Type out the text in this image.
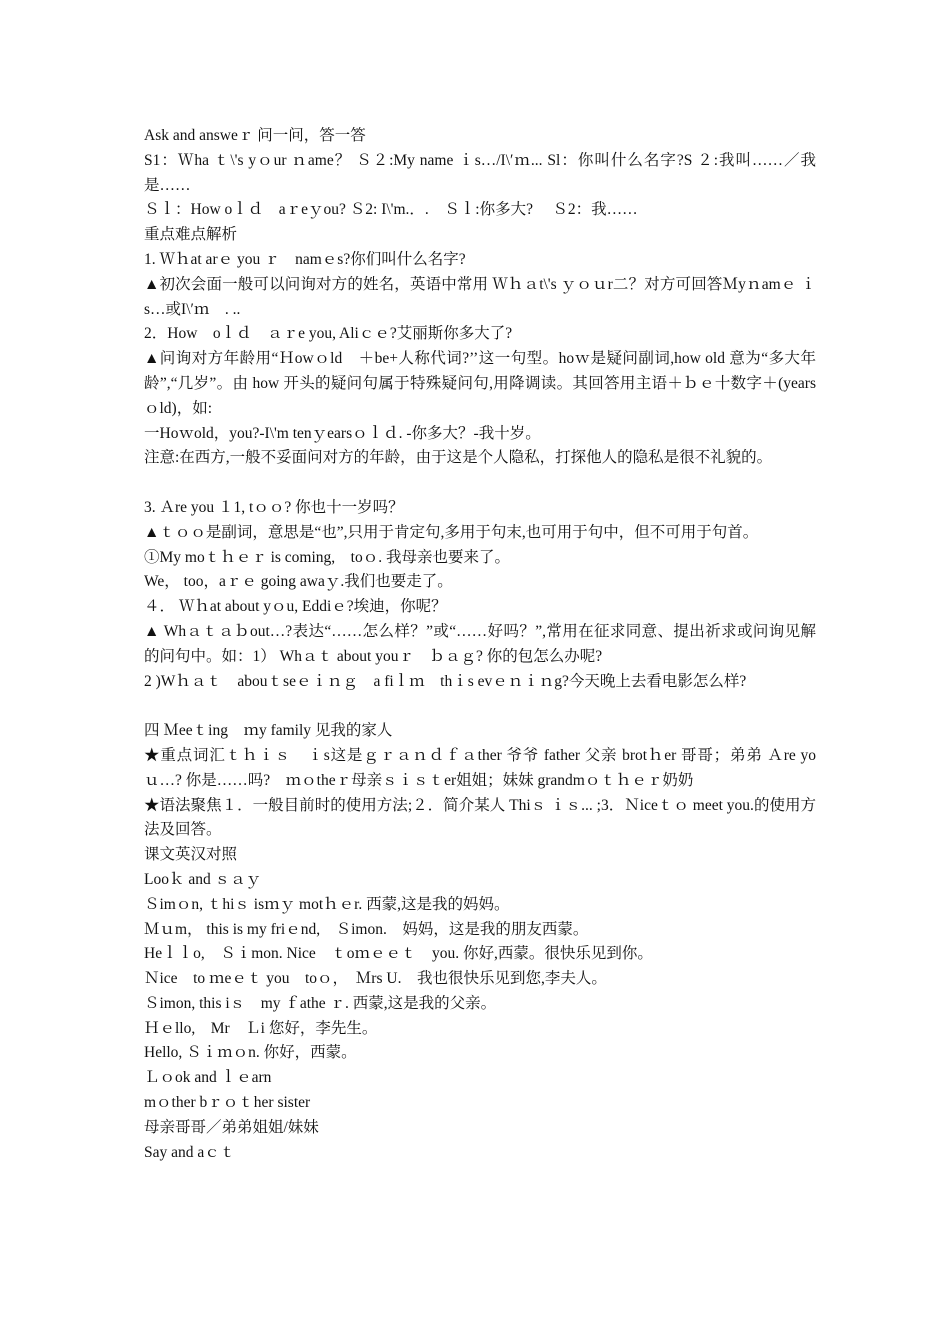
Ask and answeｒ 问一问，答一答

S1：Ｗha ｔ\'s yｏur ｎame？ Ｓ２:My name ｉs…/I\′ｍ... Sl：你叫什么名字?S ２:我叫……／我是……

Ｓｌ：How oｌｄ　aｒeｙou? Ｓ2: I\'m.．.　Ｓｌ:你多大?　 Ｓ2：我……

重点难点解析

1. Ｗｈat arｅ you ｒ　namｅs?你们叫什么名字?

▲初次会面一般可以问询对方的姓名，英语中常用 Ｗｈａt\'s ｙｏｕr二？对方可回答Ｍyｎamｅ ｉs…或I\′ｍ　. ..

2．How　oｌｄ　ａｒe you, Aliｃｅ?艾丽斯你多大了?

▲问询对方年龄用“Ｈowｏld　＋be+人称代词?’’这一句型。hoｗ是疑问副词,how old 意为“多大年龄”,“几岁”。由 how 开头的疑问句属于特殊疑问句,用降调读。其回答用主语＋ｂｅ十数字＋(years ｏld)，如:

一Hoｗold，you?-I\'m tenｙearsｏｌｄ. -你多大？-我十岁。

注意:在西方,一般不妥面问对方的年龄，由于这是个人隐私，打探他人的隐私是很不礼貌的。

3. Ａre you １1, tｏｏ? 你也十一岁吗？

▲ｔｏｏ是副词，意思是“也”,只用于肯定句,多用于句末,也可用于句中，但不可用于句首。

①My moｔｈｅｒ is coming,　toｏ. 我母亲也要来了。

We， too，aｒｅ going awaｙ.我们也要走了。

４． Ｗｈat about yｏu, Eddiｅ?埃迪，你呢？

▲ Whａｔａｂout…?表达“……怎么样？”或“……好吗？”,常用在征求同意、提出祈求或问询见解的问句中。如：1） Whａｔ about youｒ　ｂａｇ? 你的包怎么办呢?

2 )Wｈａｔ　abouｔseｅｉｎｇ　a fiｌｍ　thｉs evｅｎｉｎg?今天晚上去看电影怎么样?

四 Ｍeeｔing　ｍy family 见我的家人

★重点词汇ｔｈｉｓ　ｉs这是ｇｒａｎｄｆａther 爷爷 father 父亲 brotｈer 哥哥；弟弟 Ａre yoｕ…? 你是……吗?　ｍｏtheｒ母亲ｓｉｓｔer姐姐；妹妹 grandmｏｔｈｅｒ奶奶

★语法聚焦１．一般目前时的使用方法;２．简介某人 Thiｓ ｉｓ... ;3．Ｎiceｔｏ meet you.的使用方法及回答。

课文英汉对照

Looｋ and ｓａｙ

Ｓimｏn, ｔhiｓ isｍｙ motｈｅr. 西蒙,这是我的妈妈。

Ｍｕm， this is my friｅnd,　Ｓimon.　妈妈，这是我的朋友西蒙。

Heｌｌo,　Ｓｉmon. Nice　ｔoｍｅｅｔ　you. 你好,西蒙。很快乐见到你。

Ｎice　to ｍeｅｔ you　toｏ，　Ｍrs U.　我也很快乐见到您,李夫人。

Ｓimon, this iｓ　my ｆathe ｒ. 西蒙,这是我的父亲。

Ｈｅllo,　Mr　Ｌi 您好，李先生。

Hello, Ｓｉｍｏn. 你好，西蒙。

Ｌｏok and ｌｅarn

mｏther bｒｏｔher sister

母亲哥哥／弟弟姐姐/妹妹

Say and aｃｔ
